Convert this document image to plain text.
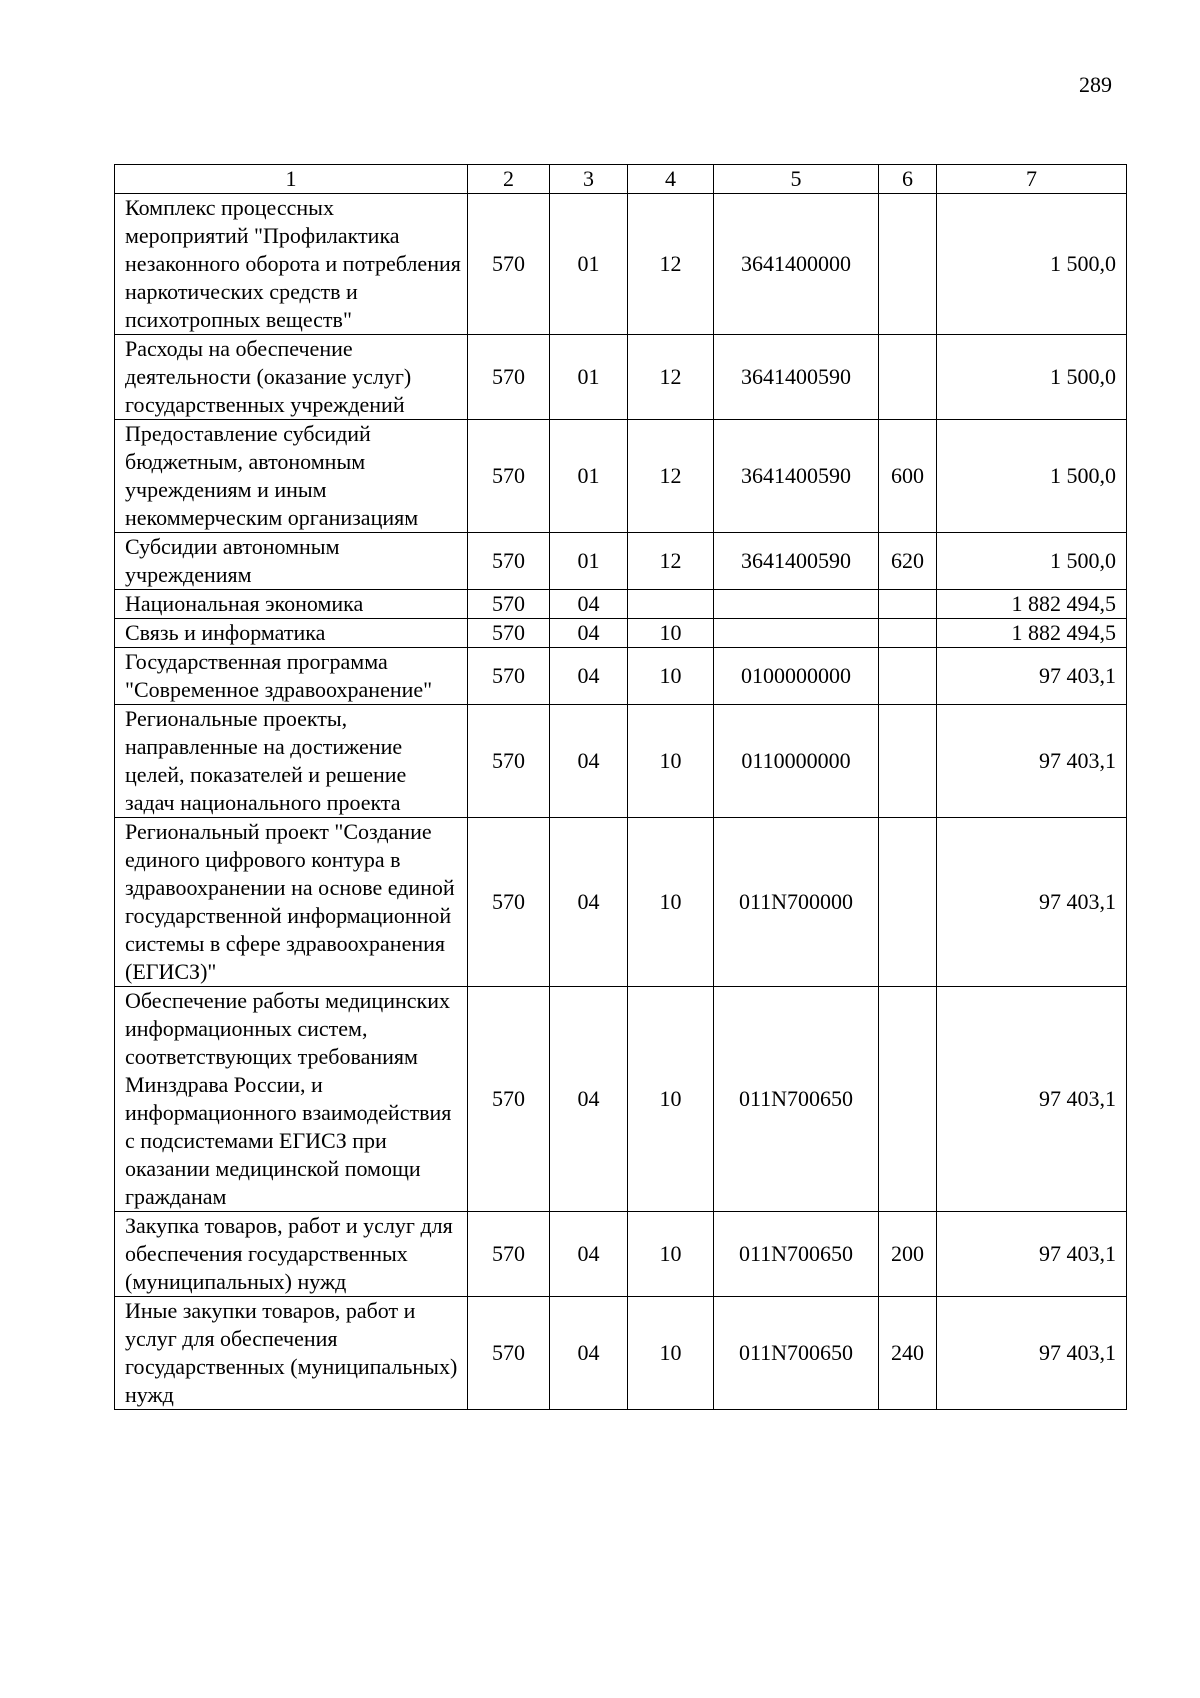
289
1	2	3	4	5	6	7
Комплекс процессных мероприятий "Профилактика незаконного оборота и потребления наркотических средств и психотропных веществ"	570	01	12	3641400000		1 500,0
Расходы на обеспечение деятельности (оказание услуг) государственных учреждений	570	01	12	3641400590		1 500,0
Предоставление субсидий бюджетным, автономным учреждениям и иным некоммерческим организациям	570	01	12	3641400590	600	1 500,0
Субсидии автономным учреждениям	570	01	12	3641400590	620	1 500,0
Национальная экономика	570	04				1 882 494,5
Связь и информатика	570	04	10			1 882 494,5
Государственная программа "Современное здравоохранение"	570	04	10	0100000000		97 403,1
Региональные проекты, направленные на достижение целей, показателей и решение задач национального проекта	570	04	10	0110000000		97 403,1
Региональный проект "Создание единого цифрового контура в здравоохранении на основе единой государственной информационной системы в сфере здравоохранения (ЕГИСЗ)"	570	04	10	011N700000		97 403,1
Обеспечение работы медицинских информационных систем, соответствующих требованиям Минздрава России, и информационного взаимодействия с подсистемами ЕГИСЗ при оказании медицинской помощи гражданам	570	04	10	011N700650		97 403,1
Закупка товаров, работ и услуг для обеспечения государственных (муниципальных) нужд	570	04	10	011N700650	200	97 403,1
Иные закупки товаров, работ и услуг для обеспечения государственных (муниципальных) нужд	570	04	10	011N700650	240	97 403,1
